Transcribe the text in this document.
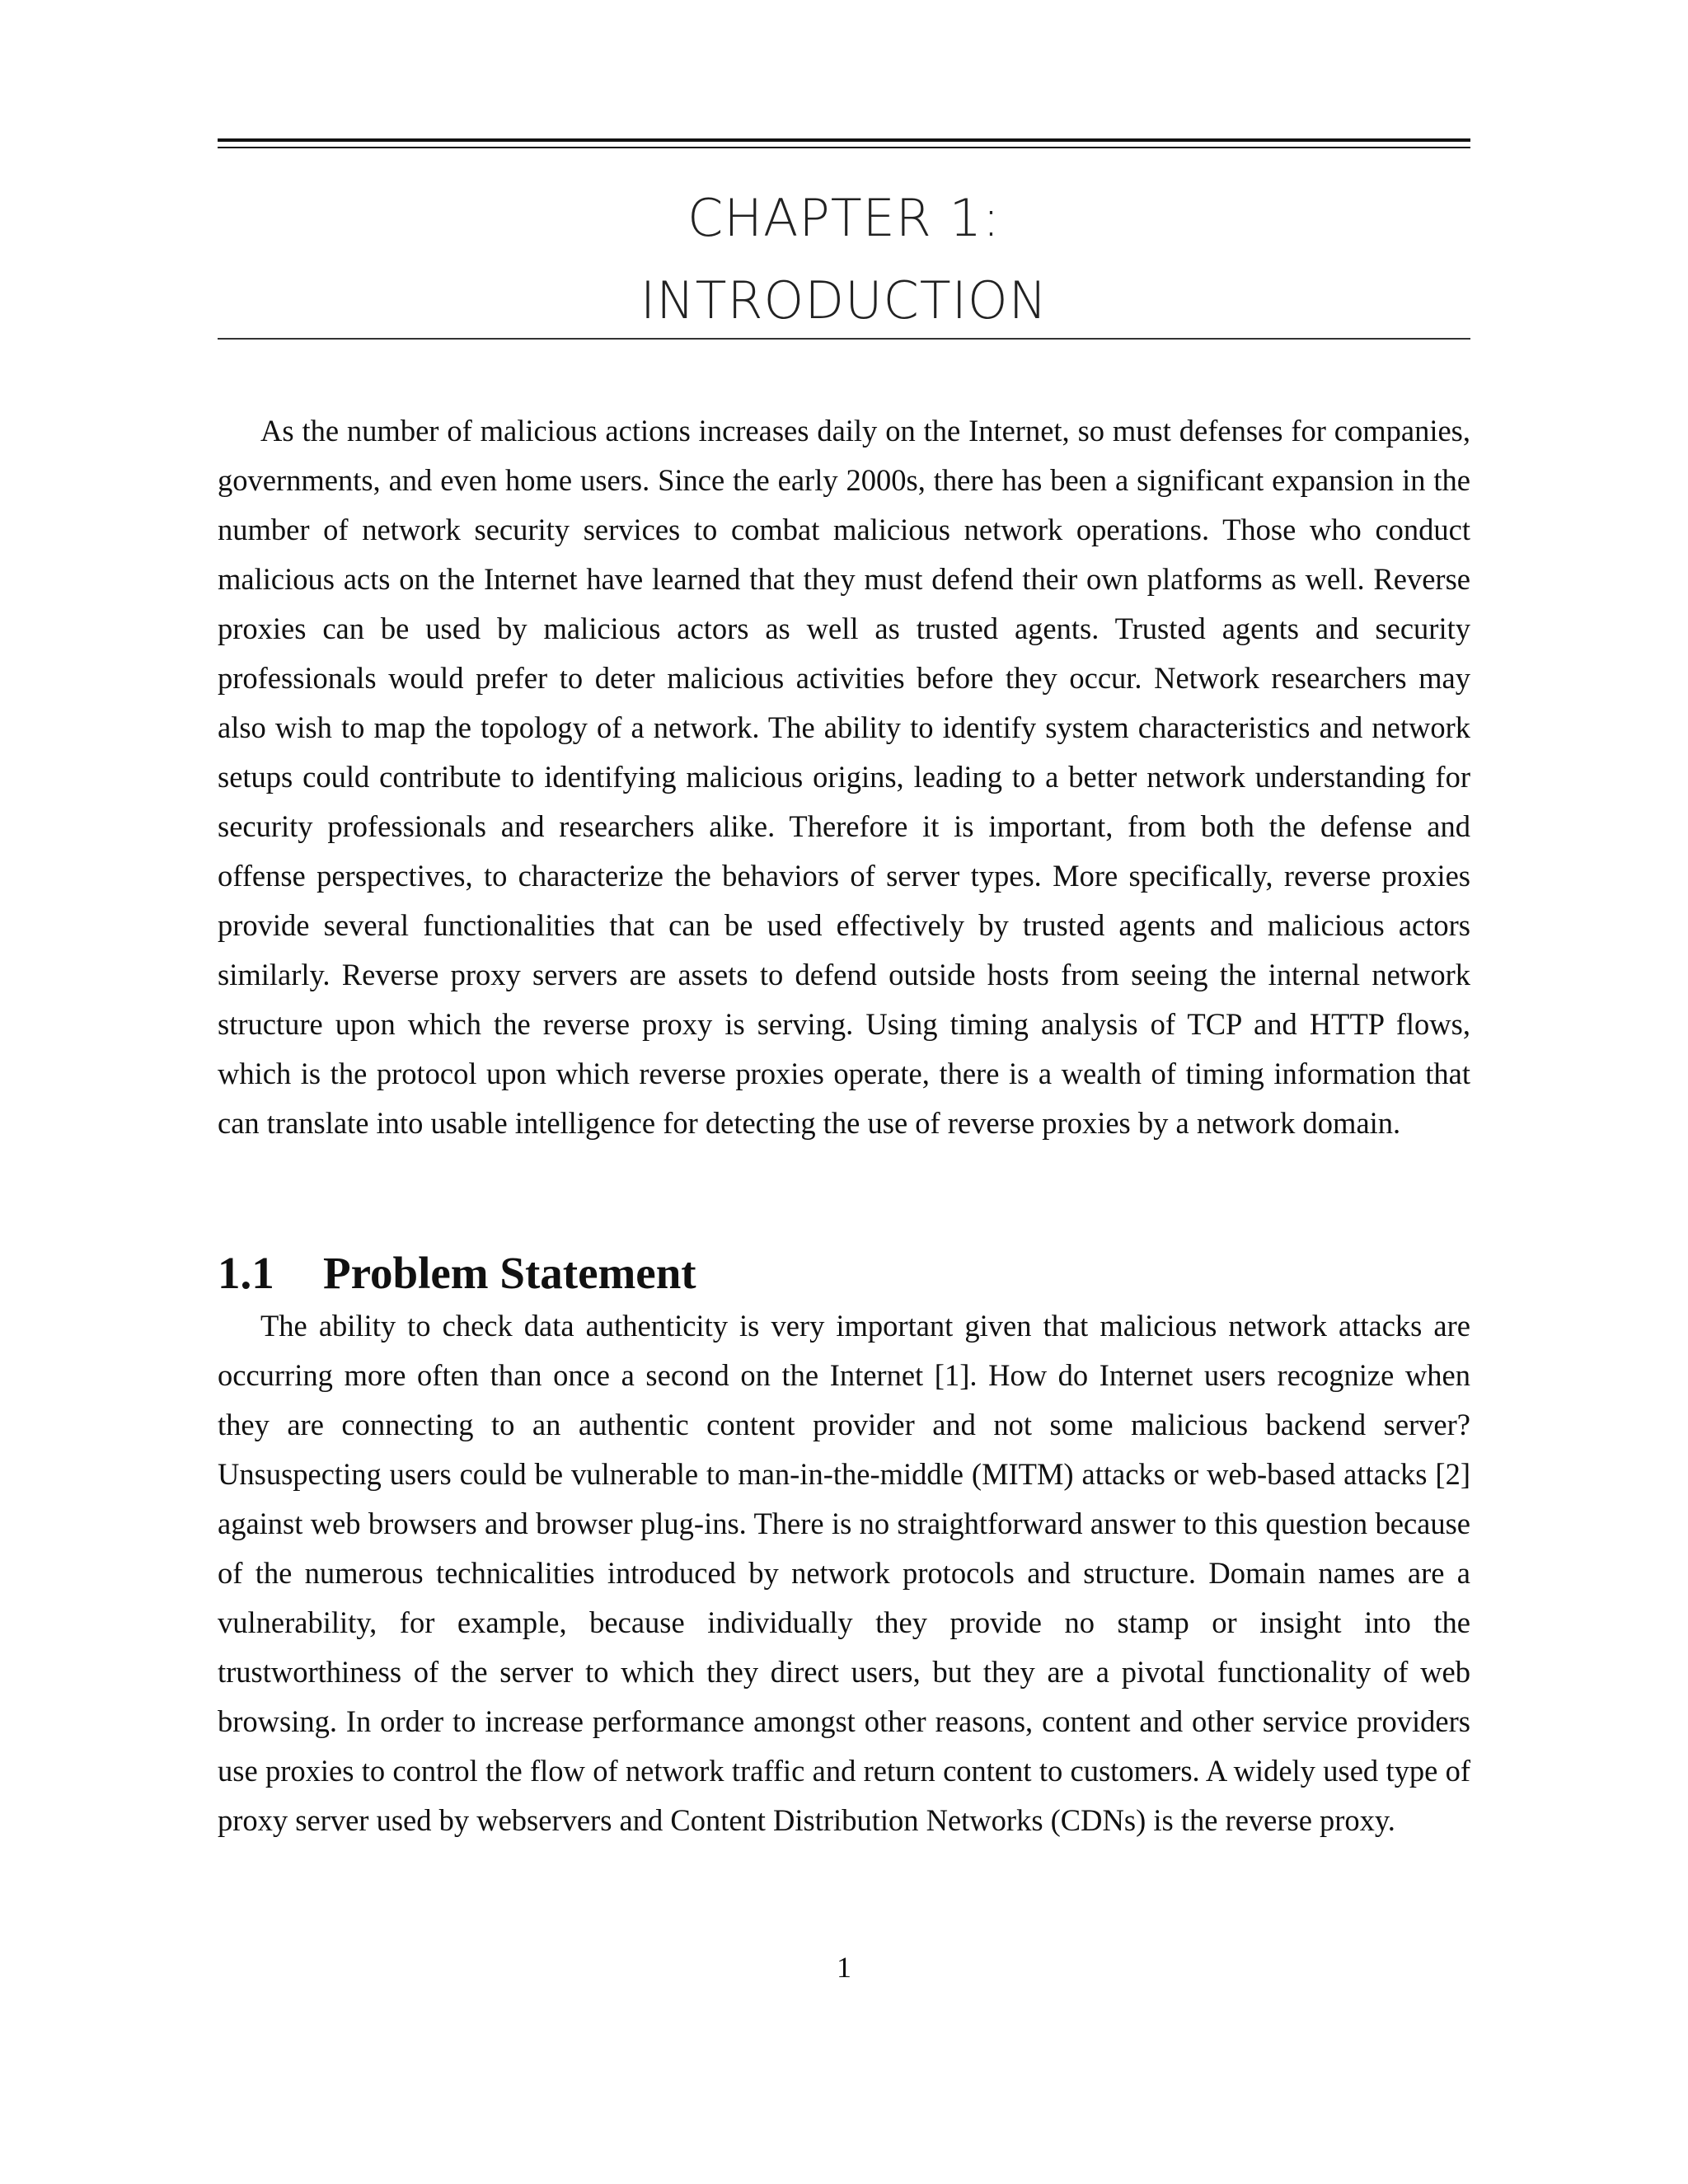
CHAPTER 1:
INTRODUCTION

As the number of malicious actions increases daily on the Internet, so must defenses for companies, governments, and even home users. Since the early 2000s, there has been a significant expansion in the number of network security services to combat malicious network operations. Those who conduct malicious acts on the Internet have learned that they must defend their own platforms as well. Reverse proxies can be used by malicious actors as well as trusted agents. Trusted agents and security professionals would prefer to deter malicious activities before they occur. Network researchers may also wish to map the topology of a network. The ability to identify system characteristics and network setups could contribute to identifying malicious origins, leading to a better network understanding for security professionals and researchers alike. Therefore it is important, from both the defense and offense perspectives, to characterize the behaviors of server types. More specifically, reverse proxies provide several functionalities that can be used effectively by trusted agents and malicious actors similarly. Reverse proxy servers are assets to defend outside hosts from seeing the internal network structure upon which the reverse proxy is serving. Using timing analysis of TCP and HTTP flows, which is the protocol upon which reverse proxies operate, there is a wealth of timing information that can translate into usable intelligence for detecting the use of reverse proxies by a network domain.

1.1 Problem Statement

The ability to check data authenticity is very important given that malicious network attacks are occurring more often than once a second on the Internet [1]. How do Internet users recognize when they are connecting to an authentic content provider and not some malicious backend server? Unsuspecting users could be vulnerable to man-in-the-middle (MITM) attacks or web-based attacks [2] against web browsers and browser plug-ins. There is no straightforward answer to this question because of the numerous technicalities introduced by network protocols and structure. Domain names are a vulnerability, for example, because individually they provide no stamp or insight into the trustworthiness of the server to which they direct users, but they are a pivotal functionality of web browsing. In order to increase performance amongst other reasons, content and other service providers use proxies to control the flow of network traffic and return content to customers. A widely used type of proxy server used by webservers and Content Distribution Networks (CDNs) is the reverse proxy.

1
